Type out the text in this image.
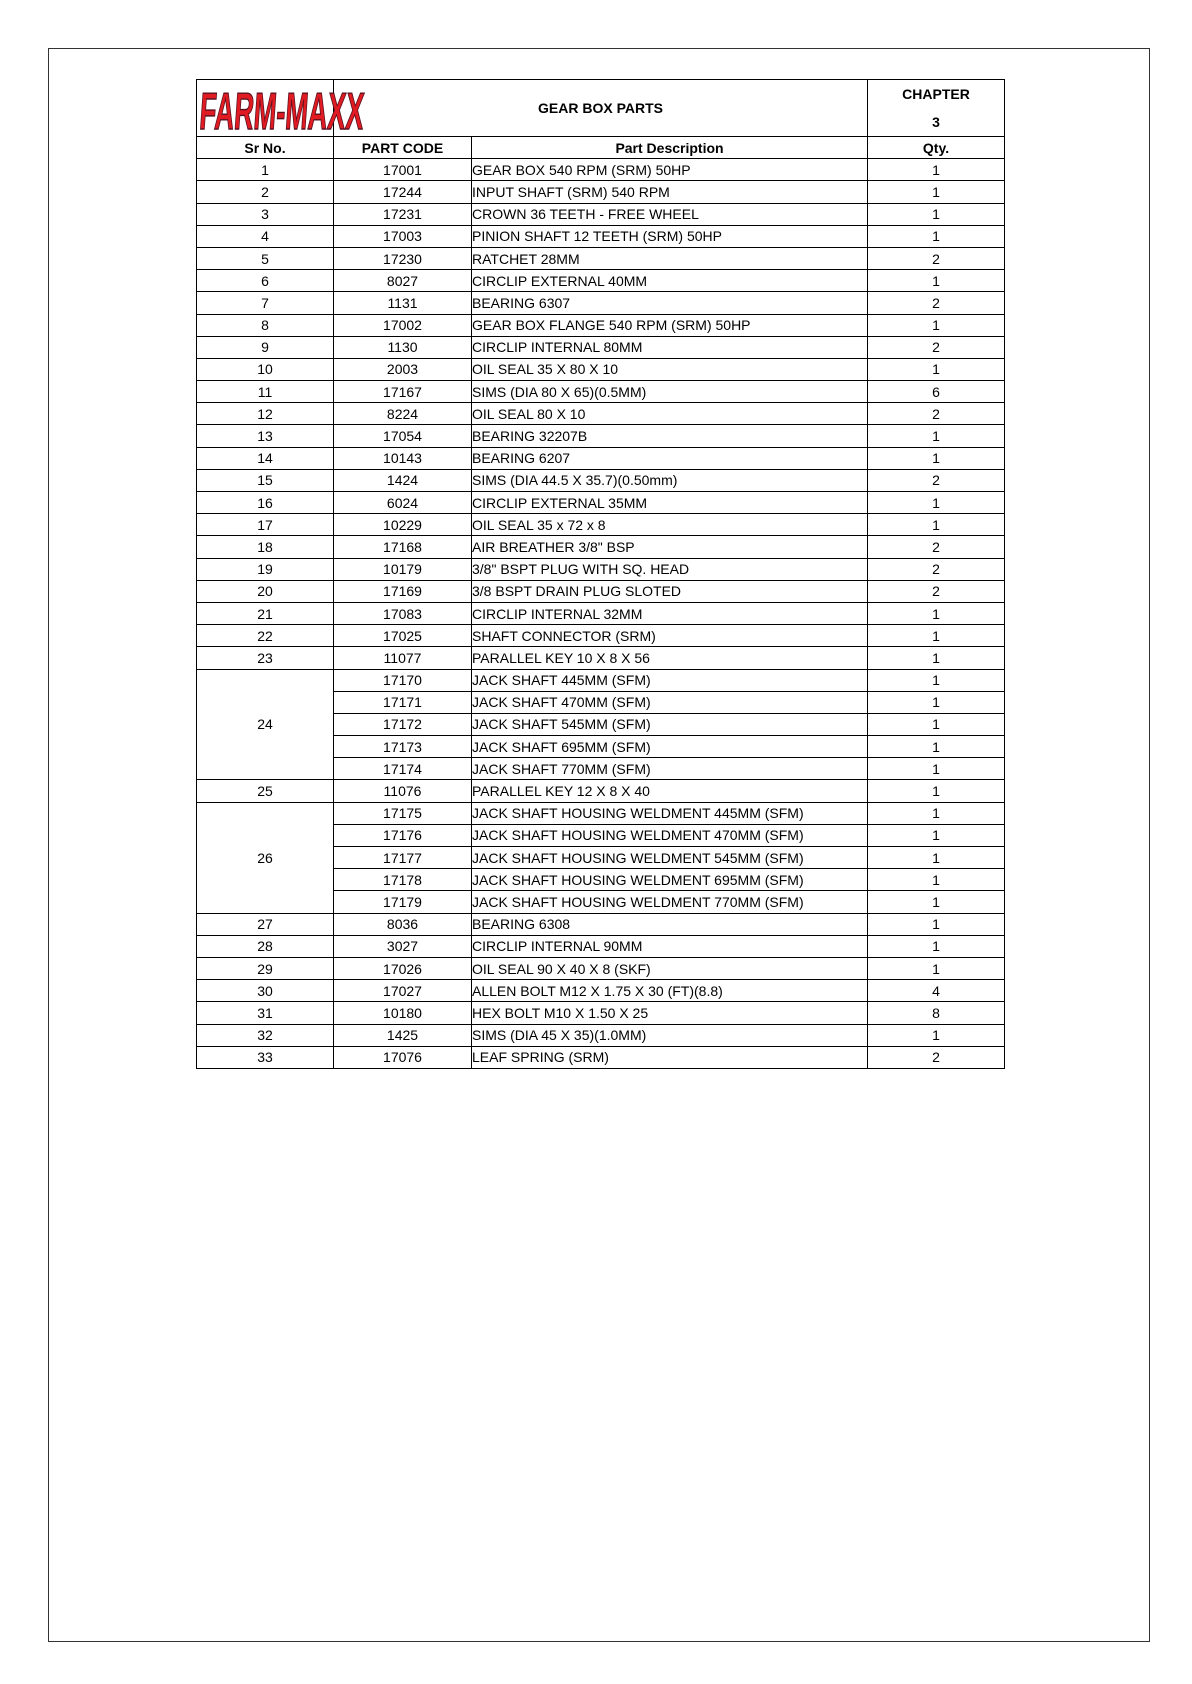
FARM-MAXX	GEAR BOX PARTS		CHAPTER
3

Sr No.	PART CODE	Part Description	Qty.
1	17001	GEAR BOX 540 RPM (SRM) 50HP	1
2	17244	INPUT SHAFT (SRM) 540 RPM	1
3	17231	CROWN 36 TEETH - FREE WHEEL	1
4	17003	PINION SHAFT 12 TEETH (SRM) 50HP	1
5	17230	RATCHET 28MM	2
6	8027	CIRCLIP EXTERNAL 40MM	1
7	1131	BEARING 6307	2
8	17002	GEAR BOX FLANGE 540 RPM (SRM) 50HP	1
9	1130	CIRCLIP INTERNAL 80MM	2
10	2003	OIL SEAL 35 X 80 X 10	1
11	17167	SIMS (DIA 80 X 65)(0.5MM)	6
12	8224	OIL SEAL 80 X 10	2
13	17054	BEARING 32207B	1
14	10143	BEARING 6207	1
15	1424	SIMS (DIA 44.5 X 35.7)(0.50mm)	2
16	6024	CIRCLIP EXTERNAL 35MM	1
17	10229	OIL SEAL 35 x 72 x 8	1
18	17168	AIR BREATHER 3/8" BSP	2
19	10179	3/8" BSPT PLUG WITH SQ. HEAD	2
20	17169	3/8 BSPT DRAIN PLUG SLOTED	2
21	17083	CIRCLIP INTERNAL 32MM	1
22	17025	SHAFT CONNECTOR (SRM)	1
23	11077	PARALLEL KEY 10 X 8 X 56	1
24	17170	JACK SHAFT 445MM (SFM)	1
	17171	JACK SHAFT 470MM (SFM)	1
	17172	JACK SHAFT 545MM (SFM)	1
	17173	JACK SHAFT 695MM (SFM)	1
	17174	JACK SHAFT 770MM (SFM)	1
25	11076	PARALLEL KEY 12 X 8 X 40	1
26	17175	JACK SHAFT HOUSING WELDMENT 445MM (SFM)	1
	17176	JACK SHAFT HOUSING WELDMENT 470MM (SFM)	1
	17177	JACK SHAFT HOUSING WELDMENT 545MM (SFM)	1
	17178	JACK SHAFT HOUSING WELDMENT 695MM (SFM)	1
	17179	JACK SHAFT HOUSING WELDMENT 770MM (SFM)	1
27	8036	BEARING 6308	1
28	3027	CIRCLIP INTERNAL 90MM	1
29	17026	OIL SEAL 90 X 40 X 8 (SKF)	1
30	17027	ALLEN BOLT M12 X 1.75 X 30 (FT)(8.8)	4
31	10180	HEX BOLT M10 X 1.50 X 25	8
32	1425	SIMS (DIA 45 X 35)(1.0MM)	1
33	17076	LEAF SPRING (SRM)	2
